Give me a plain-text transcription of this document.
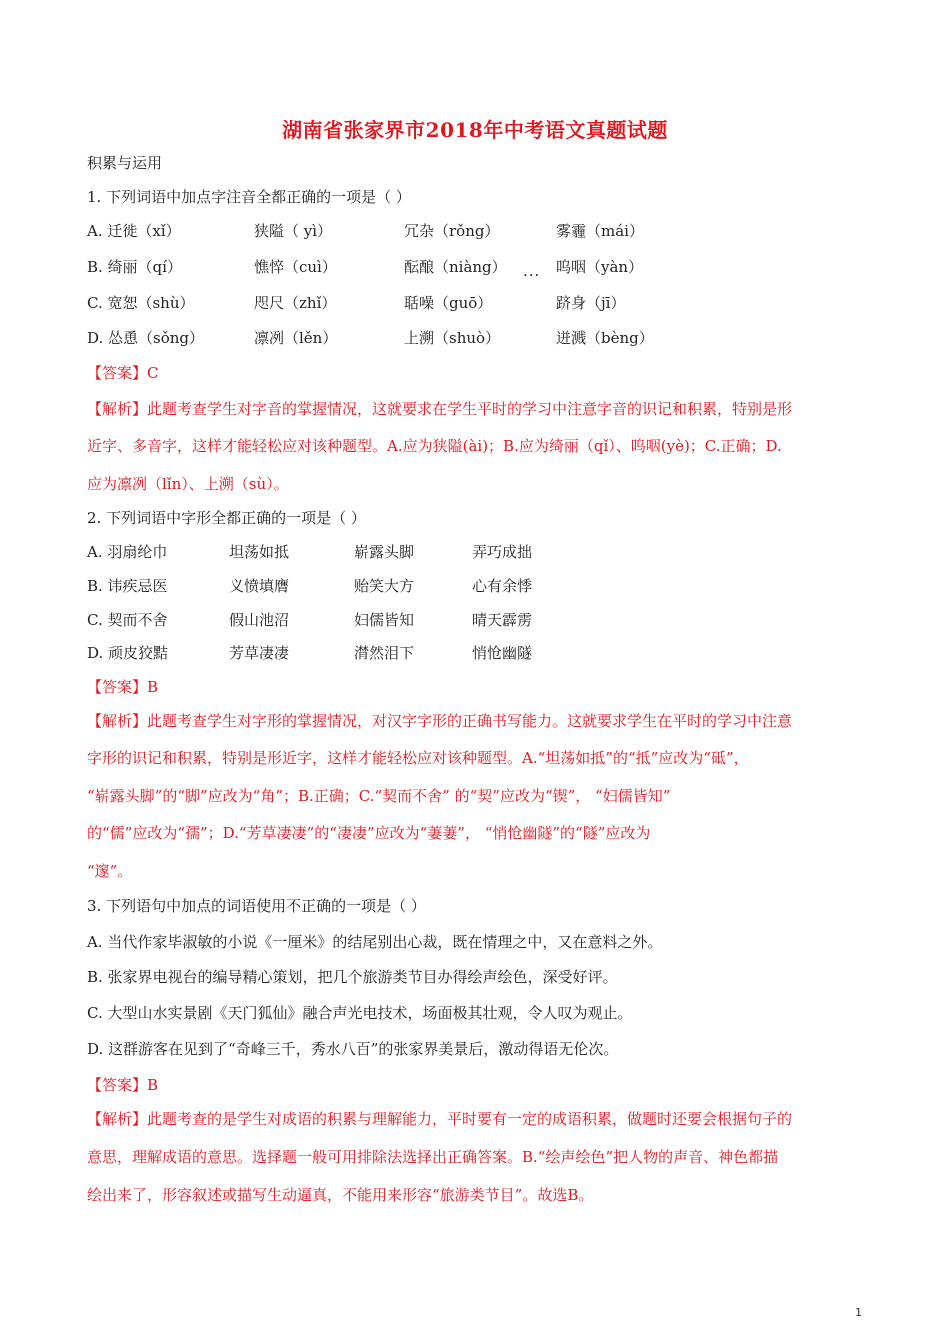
湖南省张家界市2018年中考语文真题试题
积累与运用
1. 下列词语中加点字注音全都正确的一项是（ ）
A. 迁徙（xǐ）	狭隘（ yì）	冗杂（rǒng）	雾霾（mái）
B. 绮丽（qí）	憔悴（cuì）	酝酿（niàng） ... 呜咽（yàn）
C. 宽恕（shù）	咫尺（zhǐ）	聒噪（guō）	跻身（jī）
D. 怂恿（sǒng）	凛冽（lěn）	上溯（shuò）	迸溅（bèng）
【答案】C
【解析】此题考查学生对字音的掌握情况，这就要求在学生平时的学习中注意字音的识记和积累，特别是形
近字、多音字，这样才能轻松应对该种题型。A.应为狭隘(ài)；B.应为绮丽（qǐ）、呜咽(yè)；C.正确；D.
应为凛冽（lǐn）、上溯（sù）。
2. 下列词语中字形全都正确的一项是（ ）
A. 羽扇纶巾	坦荡如抵	崭露头脚	弄巧成拙
B. 讳疾忌医	义愤填膺	贻笑大方	心有余悸
C. 契而不舍	假山池沼	妇儒皆知	晴天霹雳
D. 顽皮狡黠	芳草凄凄	潸然泪下	悄怆幽隧
【答案】B
【解析】此题考查学生对字形的掌握情况，对汉字字形的正确书写能力。这就要求学生在平时的学习中注意
字形的识记和积累，特别是形近字，这样才能轻松应对该种题型。A.“坦荡如抵”的“抵”应改为“砥”，
“崭露头脚”的“脚”应改为“角”；B.正确；C.“契而不舍” 的“契”应改为“锲”， “妇儒皆知”
的“儒”应改为“孺”；D.“芳草凄凄”的“凄凄”应改为“萋萋”， “悄怆幽隧”的“隧”应改为
“邃”。
3. 下列语句中加点的词语使用不正确的一项是（ ）
A. 当代作家毕淑敏的小说《一厘米》的结尾别出心裁，既在情理之中，又在意料之外。
B. 张家界电视台的编导精心策划，把几个旅游类节目办得绘声绘色，深受好评。
C. 大型山水实景剧《天门狐仙》融合声光电技术，场面极其壮观，令人叹为观止。
D. 这群游客在见到了“奇峰三千，秀水八百”的张家界美景后，激动得语无伦次。
【答案】B
【解析】此题考查的是学生对成语的积累与理解能力，平时要有一定的成语积累，做题时还要会根据句子的
意思，理解成语的意思。选择题一般可用排除法选择出正确答案。B.“绘声绘色”把人物的声音、神色都描
绘出来了，形容叙述或描写生动逼真，不能用来形容“旅游类节目”。故选B。
1
